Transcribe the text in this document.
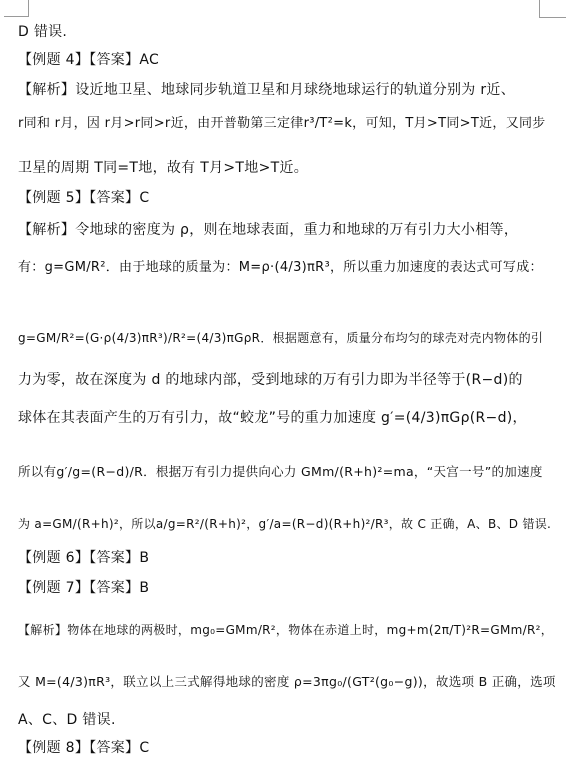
D 错误.
【例题 4】【答案】AC
【解析】设近地卫星、地球同步轨道卫星和月球绕地球运行的轨道分别为 r近、
r同和 r月，因 r月>r同>r近，由开普勒第三定律r³/T²=k，可知，T月>T同>T近，又同步
卫星的周期 T同=T地，故有 T月>T地>T近。
【例题 5】【答案】C
【解析】令地球的密度为 ρ，则在地球表面，重力和地球的万有引力大小相等，
有：g=GM/R²．由于地球的质量为：M=ρ·(4/3)πR³，所以重力加速度的表达式可写成：
g=GM/R²=(G·ρ(4/3)πR³)/R²=(4/3)πGρR．根据题意有，质量分布均匀的球壳对壳内物体的引
力为零，故在深度为 d 的地球内部，受到地球的万有引力即为半径等于(R−d)的
球体在其表面产生的万有引力，故“蛟龙”号的重力加速度 g′=(4/3)πGρ(R−d)，
所以有g′/g=(R−d)/R．根据万有引力提供向心力 GMm/(R+h)²=ma，“天宫一号”的加速度
为 a=GM/(R+h)²，所以a/g=R²/(R+h)²，g′/a=(R−d)(R+h)²/R³，故 C 正确，A、B、D 错误.
【例题 6】【答案】B
【例题 7】【答案】B
【解析】物体在地球的两极时，mg₀=GMm/R²，物体在赤道上时，mg+m(2π/T)²R=GMm/R²，
又 M=(4/3)πR³，联立以上三式解得地球的密度 ρ=3πg₀/(GT²(g₀−g))，故选项 B 正确，选项
A、C、D 错误.
【例题 8】【答案】C
